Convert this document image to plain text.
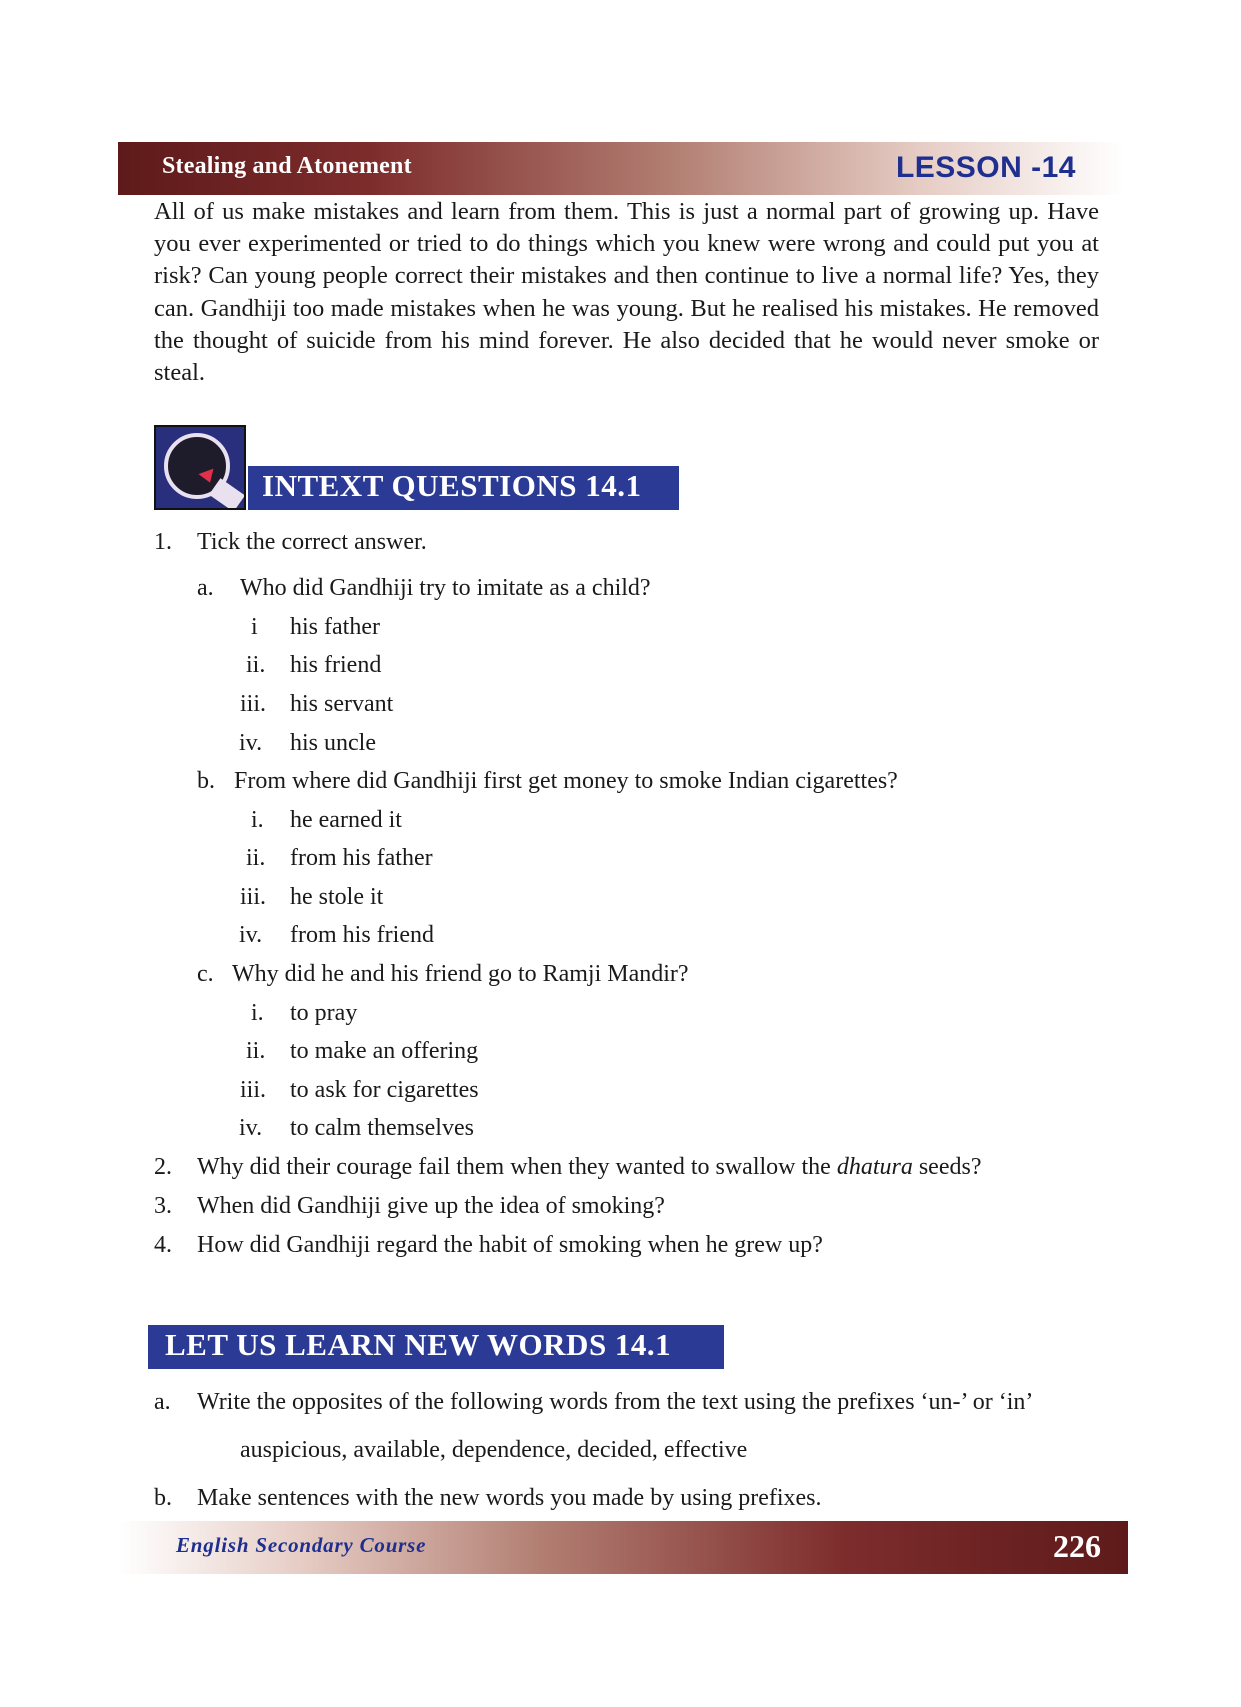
Stealing and Atonement	LESSON -14

All of us make mistakes and learn from them. This is just a normal part of growing up. Have you ever experimented or tried to do things which you knew were wrong and could put you at risk? Can young people correct their mistakes and then continue to live a normal life? Yes, they can. Gandhiji too made mistakes when he was young. But he realised his mistakes. He removed the thought of suicide from his mind forever. He also decided that he would never smoke or steal.

INTEXT QUESTIONS 14.1
1. Tick the correct answer.
a. Who did Gandhiji try to imitate as a child?
i his father
ii. his friend
iii. his servant
iv. his uncle
b. From where did Gandhiji first get money to smoke Indian cigarettes?
i. he earned it
ii. from his father
iii. he stole it
iv. from his friend
c. Why did he and his friend go to Ramji Mandir?
i. to pray
ii. to make an offering
iii. to ask for cigarettes
iv. to calm themselves
2. Why did their courage fail them when they wanted to swallow the dhatura seeds?
3. When did Gandhiji give up the idea of smoking?
4. How did Gandhiji regard the habit of smoking when he grew up?
LET US LEARN NEW WORDS 14.1
a. Write the opposites of the following words from the text using the prefixes ‘un-’ or ‘in’
auspicious, available, dependence, decided, effective
b. Make sentences with the new words you made by using prefixes.
English Secondary Course	226
